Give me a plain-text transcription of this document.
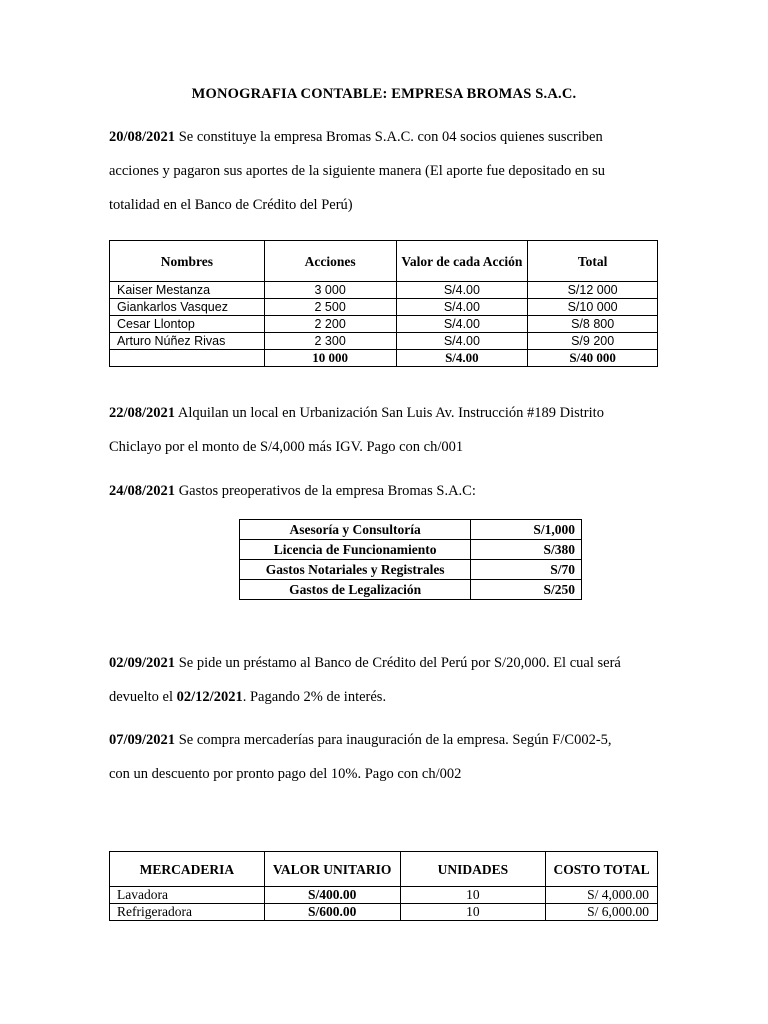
MONOGRAFIA CONTABLE: EMPRESA BROMAS S.A.C.
20/08/2021 Se constituye la empresa Bromas S.A.C. con 04 socios quienes suscriben
acciones y pagaron sus aportes de la siguiente manera (El aporte fue depositado en su
totalidad en el Banco de Crédito del Perú)
Nombres	Acciones	Valor de cada Acción	Total
Kaiser Mestanza	3 000	S/4.00	S/12 000
Giankarlos Vasquez	2 500	S/4.00	S/10 000
Cesar Llontop	2 200	S/4.00	S/8 800
Arturo Núñez Rivas	2 300	S/4.00	S/9 200
	10 000	S/4.00	S/40 000
22/08/2021 Alquilan un local en Urbanización San Luis Av. Instrucción #189 Distrito
Chiclayo por el monto de S/4,000 más IGV. Pago con ch/001
24/08/2021 Gastos preoperativos de la empresa Bromas S.A.C:
Asesoría y Consultoría	S/1,000
Licencia de Funcionamiento	S/380
Gastos Notariales y Registrales	S/70
Gastos de Legalización	S/250
02/09/2021 Se pide un préstamo al Banco de Crédito del Perú por S/20,000. El cual será
devuelto el 02/12/2021. Pagando 2% de interés.
07/09/2021 Se compra mercaderías para inauguración de la empresa. Según F/C002-5,
con un descuento por pronto pago del 10%. Pago con ch/002
MERCADERIA	VALOR UNITARIO	UNIDADES	COSTO TOTAL
Lavadora	S/400.00	10	S/ 4,000.00
Refrigeradora	S/600.00	10	S/ 6,000.00
